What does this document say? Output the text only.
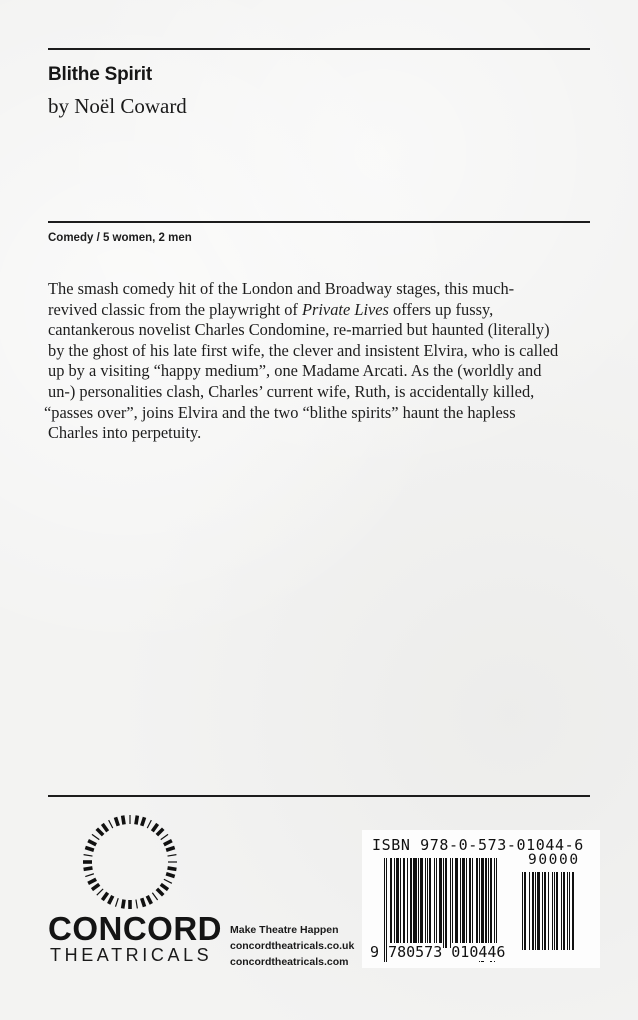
Blithe Spirit
by Noël Coward
Comedy / 5 women, 2 men
The smash comedy hit of the London and Broadway stages, this much-
revived classic from the playwright of Private Lives offers up fussy,
cantankerous novelist Charles Condomine, re-married but haunted (literally)
by the ghost of his late first wife, the clever and insistent Elvira, who is called
up by a visiting “happy medium”, one Madame Arcati. As the (worldly and
un-) personalities clash, Charles’ current wife, Ruth, is accidentally killed,
“passes over”, joins Elvira and the two “blithe spirits” haunt the hapless
Charles into perpetuity.
CONCORD
THEATRICALS
Make Theatre Happen
concordtheatricals.co.uk
concordtheatricals.com
ISBN 978-0-573-01044-6
90000
9 780573 010446
